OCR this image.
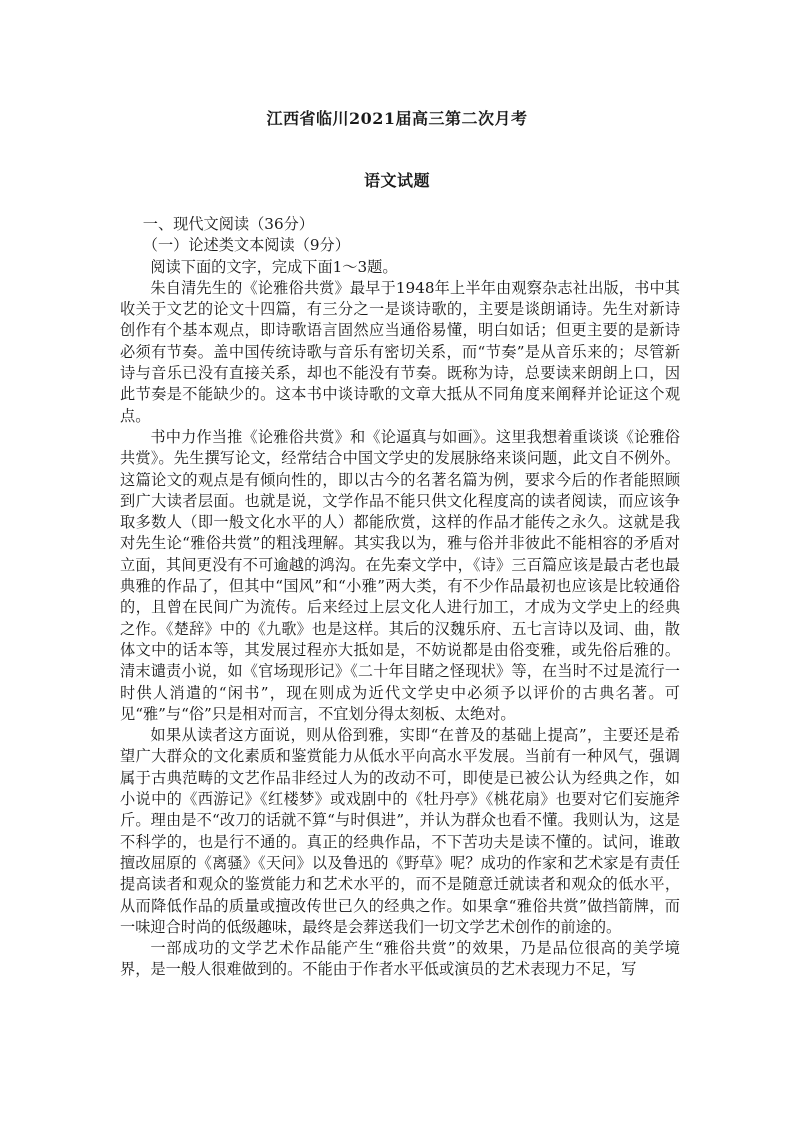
江西省临川2021届高三第二次月考
语文试题

一、现代文阅读（36分）

（一）论述类文本阅读（9分）

阅读下面的文字，完成下面1～3题。

朱自清先生的《论雅俗共赏》最早于1948年上半年由观察杂志社出版，书中其收关于文艺的论文十四篇，有三分之一是谈诗歌的，主要是谈朗诵诗。先生对新诗创作有个基本观点，即诗歌语言固然应当通俗易懂，明白如话；但更主要的是新诗必须有节奏。盖中国传统诗歌与音乐有密切关系，而“节奏”是从音乐来的；尽管新诗与音乐已没有直接关系，却也不能没有节奏。既称为诗，总要读来朗朗上口，因此节奏是不能缺少的。这本书中谈诗歌的文章大抵从不同角度来阐释并论证这个观点。

书中力作当推《论雅俗共赏》和《论逼真与如画》。这里我想着重谈谈《论雅俗共赏》。先生撰写论文，经常结合中国文学史的发展脉络来谈问题，此文自不例外。这篇论文的观点是有倾向性的，即以古今的名著名篇为例，要求今后的作者能照顾到广大读者层面。也就是说，文学作品不能只供文化程度高的读者阅读，而应该争取多数人（即一般文化水平的人）都能欣赏，这样的作品才能传之永久。这就是我对先生论“雅俗共赏”的粗浅理解。其实我以为，雅与俗并非彼此不能相容的矛盾对立面，其间更没有不可逾越的鸿沟。在先秦文学中，《诗》三百篇应该是最古老也最典雅的作品了，但其中“国风”和“小雅”两大类，有不少作品最初也应该是比较通俗的，且曾在民间广为流传。后来经过上层文化人进行加工，才成为文学史上的经典之作。《楚辞》中的《九歌》也是这样。其后的汉魏乐府、五七言诗以及词、曲，散体文中的话本等，其发展过程亦大抵如是，不妨说都是由俗变雅，或先俗后雅的。清末谴责小说，如《官场现形记》《二十年目睹之怪现状》等，在当时不过是流行一时供人消遣的“闲书”，现在则成为近代文学史中必须予以评价的古典名著。可见“雅”与“俗”只是相对而言，不宜划分得太刻板、太绝对。

如果从读者这方面说，则从俗到雅，实即“在普及的基础上提高”，主要还是希望广大群众的文化素质和鉴赏能力从低水平向高水平发展。当前有一种风气，强调属于古典范畴的文艺作品非经过人为的改动不可，即使是已被公认为经典之作，如小说中的《西游记》《红楼梦》或戏剧中的《牡丹亭》《桃花扇》也要对它们妄施斧斤。理由是不“改刀的话就不算“与时俱进”，并认为群众也看不懂。我则认为，这是不科学的，也是行不通的。真正的经典作品，不下苦功夫是读不懂的。试问，谁敢擅改屈原的《离骚》《天问》以及鲁迅的《野草》呢？成功的作家和艺术家是有责任提高读者和观众的鉴赏能力和艺术水平的，而不是随意迁就读者和观众的低水平，从而降低作品的质量或擅改传世已久的经典之作。如果拿“雅俗共赏”做挡箭牌，而一味迎合时尚的低级趣味，最终是会葬送我们一切文学艺术创作的前途的。

一部成功的文学艺术作品能产生“雅俗共赏”的效果，乃是品位很高的美学境界，是一般人很难做到的。不能由于作者水平低或演员的艺术表现力不足，写
